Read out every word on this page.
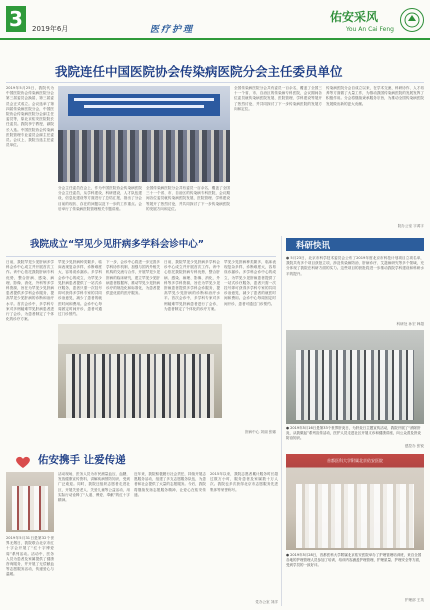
3	2019年6月	医疗护理
佑安采风
You An Cai Feng
我院连任中国医院协会传染病医院分会主任委员单位
2019年5月25日，我院代为中国医院协会传染病医院分会第三届委员会换届，第三届委员会正式成立。会议选举了第四届传染病医院分会，中国医院协会传染病医院分会副主任委员等，原北京佑安医院院长任委员。我院李宁教授，副院长入选。中国医院协会传染病医院管理专业委员会副主任委员。会议上，我院当选主任委员单位。
分会主任委员在会上，作为中国医院协会传染病医院分会主任委员，从学科建设，科研建设，人才队伍建设，信息化建设等方面进行了总结汇报，指出了分会目前的现状、存在的问题以及下一步的工作重点。会后举行了传染病医院管理相关专题讲座。
全国传染病医院分会共有委员一百余名，覆盖了全国三十一个省、市、自治区的传染病专科医院，会议期间各位委员就传染病医院发展、医院管理、学科建设等展开了热烈讨论，并共同探讨了下一步传染病医院的发展方向和定位。
全国传染病医院分会共有委员一百余名，覆盖了全国三十一个省、市、自治区的传染病专科医院，会议期间各位委员就传染病医院发展、医院管理、学科建设等展开了热烈讨论，并共同探讨了下一步传染病医院的发展方向和定位。
传染病医院分会自成立以来，在学术交流、科研协作、人才培养等方面做了大量工作，为推动我国传染病医院的发展发挥了积极作用。分会将继续秉承服务宗旨，为推动全国传染病医院发展做出新的更大贡献。
院办公室 宇鸿宇
我院成立“罕见少见肝病多学科会诊中心”
日前，我院罕见少见肝病多学科会诊中心成立并开展首次工作。该中心依托我院肝病专科优势，整合肝病、感染、病理、影像、消化、外科等多学科资源，旨在为罕见少见肝病患者提供多学科会诊服务，提高罕见少见肝病的诊断和治疗水平。首次会诊中，多学科专家对多例疑难罕见肝病患者进行了会诊，为患者制定了个体化的诊疗方案。
罕见少见肝病种类繁多，临床表现复杂多样，诊断难度大，容易误诊漏诊。多学科会诊中心的成立，为罕见少见肝病患者提供了一站式诊疗服务，患者只需一次挂号即可获得多学科专家的共同诊治意见，减少了患者的就医时间和费用。会诊中心每周固定时间开诊，患者可通过门诊预约。
下一步，会诊中心将进一步完善多学科协作机制，加强与国内外相关机构的交流与合作，开展罕见少见肝病的临床研究，建立罕见少见肝病患者数据库，推动罕见少见肝病诊疗的规范化和标准化，为患者提供更优质的医疗服务。
日前，我院罕见少见肝病多学科会诊中心成立并开展首次工作。该中心依托我院肝病专科优势，整合肝病、感染、病理、影像、消化、外科等多学科资源，旨在为罕见少见肝病患者提供多学科会诊服务，提高罕见少见肝病的诊断和治疗水平。首次会诊中，多学科专家对多例疑难罕见肝病患者进行了会诊，为患者制定了个体化的诊疗方案。
罕见少见肝病种类繁多，临床表现复杂多样，诊断难度大，容易误诊漏诊。多学科会诊中心的成立，为罕见少见肝病患者提供了一站式诊疗服务，患者只需一次挂号即可获得多学科专家的共同诊治意见，减少了患者的就医时间和费用。会诊中心每周固定时间开诊，患者可通过门诊预约。
肝病中心 刘丽 张娜
科研快讯
● 5月23日，北京市科学技术委员会公布了2019年度北京市科技计划项目立项名单，我院共有多个项目获批立项，涉及传染病防治、肝病诊疗、艾滋病研究等多个领域，充分体现了我院在科研方面的实力。这些项目的获批将进一步推动我院学科建设和科研水平的提升。
科研处 孙宏 韩超
● 2019年5月16日是第33个世界肝炎日，为肝炎日主题宣传活动，我院开展了“消除肝炎，从我做起”系列宣传活动，医护人员走进社区开展义诊和健康讲座，向公众普及肝炎防治知识。
感控办 张锐
首都医科大学附属北京佑安医院
● 2019年5月28日，首都医科大学附属北京佑安医院举办了护理管理培训班，来自全国各地的护理管理人员参加了培训，培训内容涵盖护理管理、护理质量、护理安全等方面，受到学员的一致好评。
护理部 王英
佑安携手 让爱传递
2019年5月31日是第32个世界无烟日，我院联合北京市红十字会开展了“红十字博爱周”系列活动。活动中，医务人员为患者及家属提供了健康咨询服务，并开展了无偿献血等志愿服务活动，传递爱心与温暖。
活动现场，医务人员为市民测量血压、血糖，发放健康宣传资料，讲解疾病预防知识，受到广泛欢迎。同时，我院还组织志愿者走进社区，开展关爱老人、关爱儿童等公益活动，用实际行动诠释了“人道、博爱、奉献”的红十字精神。
近年来，我院积极履行社会责任，持续开展志愿服务活动，组建了多支志愿服务队伍，为患者和社会提供了大量的志愿服务。今后，我院将继续发扬志愿服务精神，让爱心在佑安传递。
2015年以来，我院志愿者累计服务时长超过数万小时，服务患者及家属数十万人次。我院也多次获得北京市志愿服务先进集体等荣誉称号。
党办公室 刘洋
